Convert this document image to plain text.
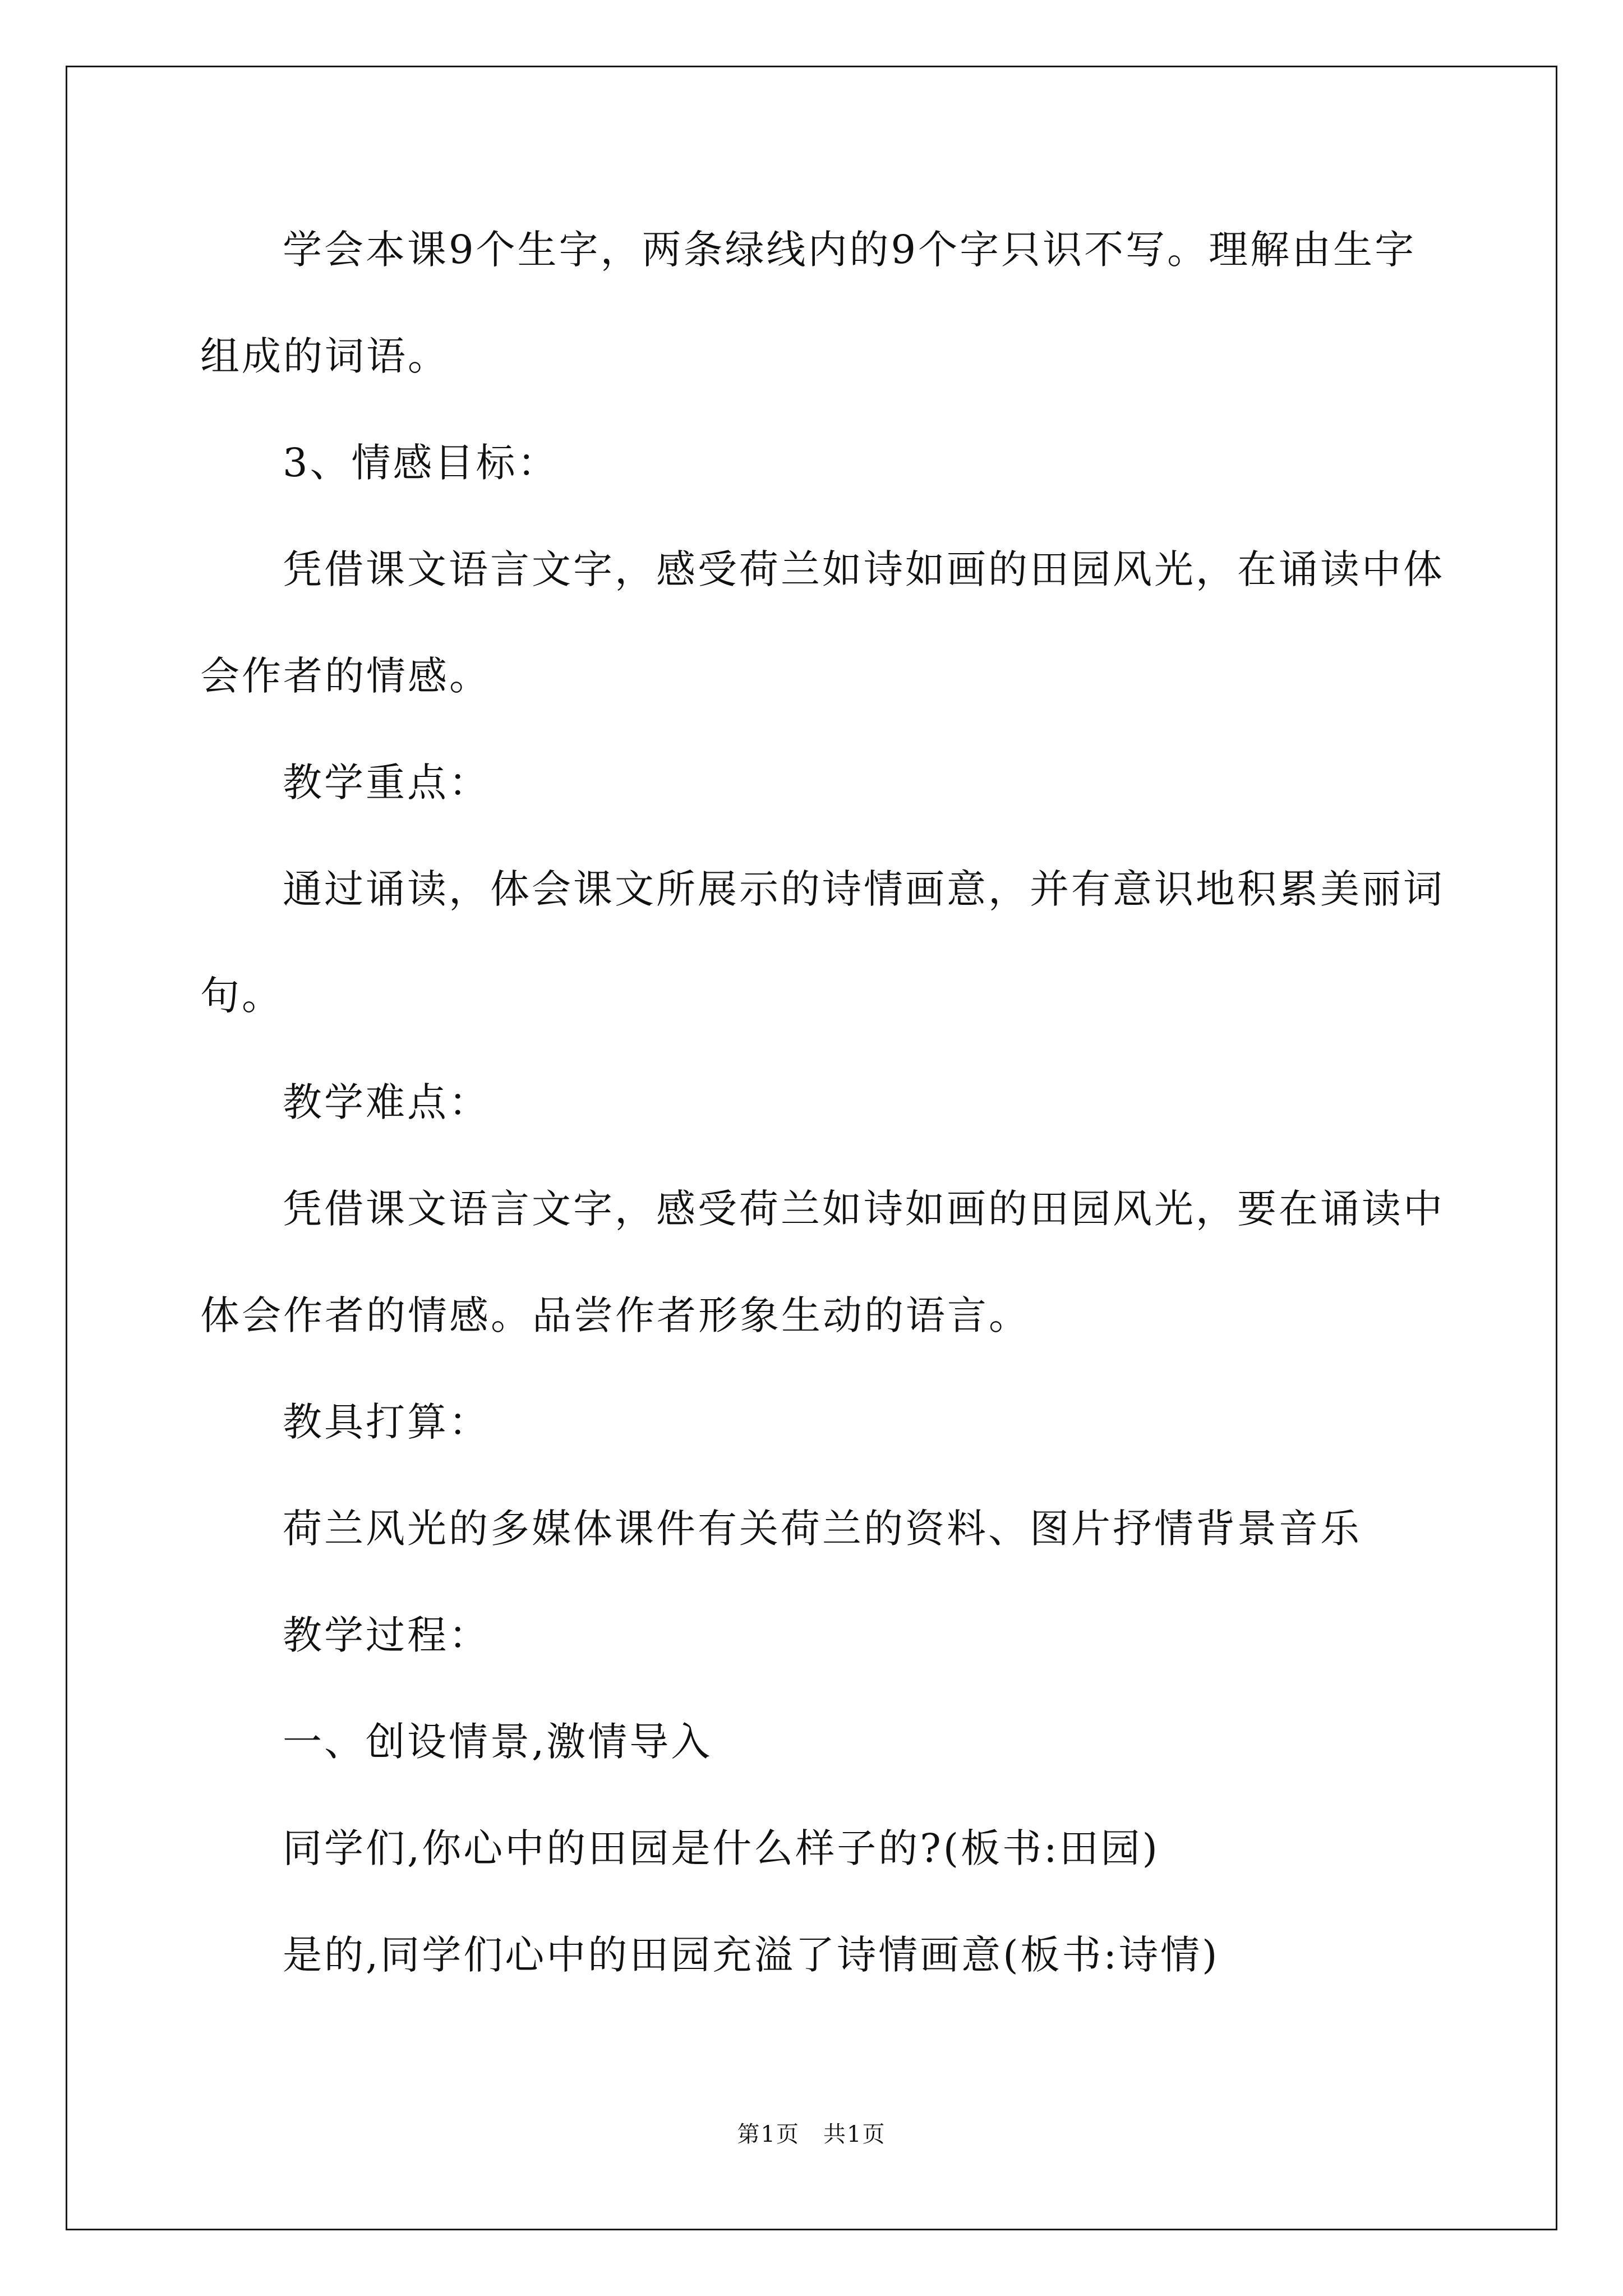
学会本课9个生字，两条绿线内的9个字只识不写。理解由生字
组成的词语。
3、情感目标：
凭借课文语言文字，感受荷兰如诗如画的田园风光，在诵读中体
会作者的情感。
教学重点：
通过诵读，体会课文所展示的诗情画意，并有意识地积累美丽词
句。
教学难点：
凭借课文语言文字，感受荷兰如诗如画的田园风光，要在诵读中
体会作者的情感。品尝作者形象生动的语言。
教具打算：
荷兰风光的多媒体课件有关荷兰的资料、图片抒情背景音乐
教学过程：
一、创设情景,激情导入
同学们,你心中的田园是什么样子的?(板书:田园)
是的,同学们心中的田园充溢了诗情画意(板书:诗情)
第1页　共1页
